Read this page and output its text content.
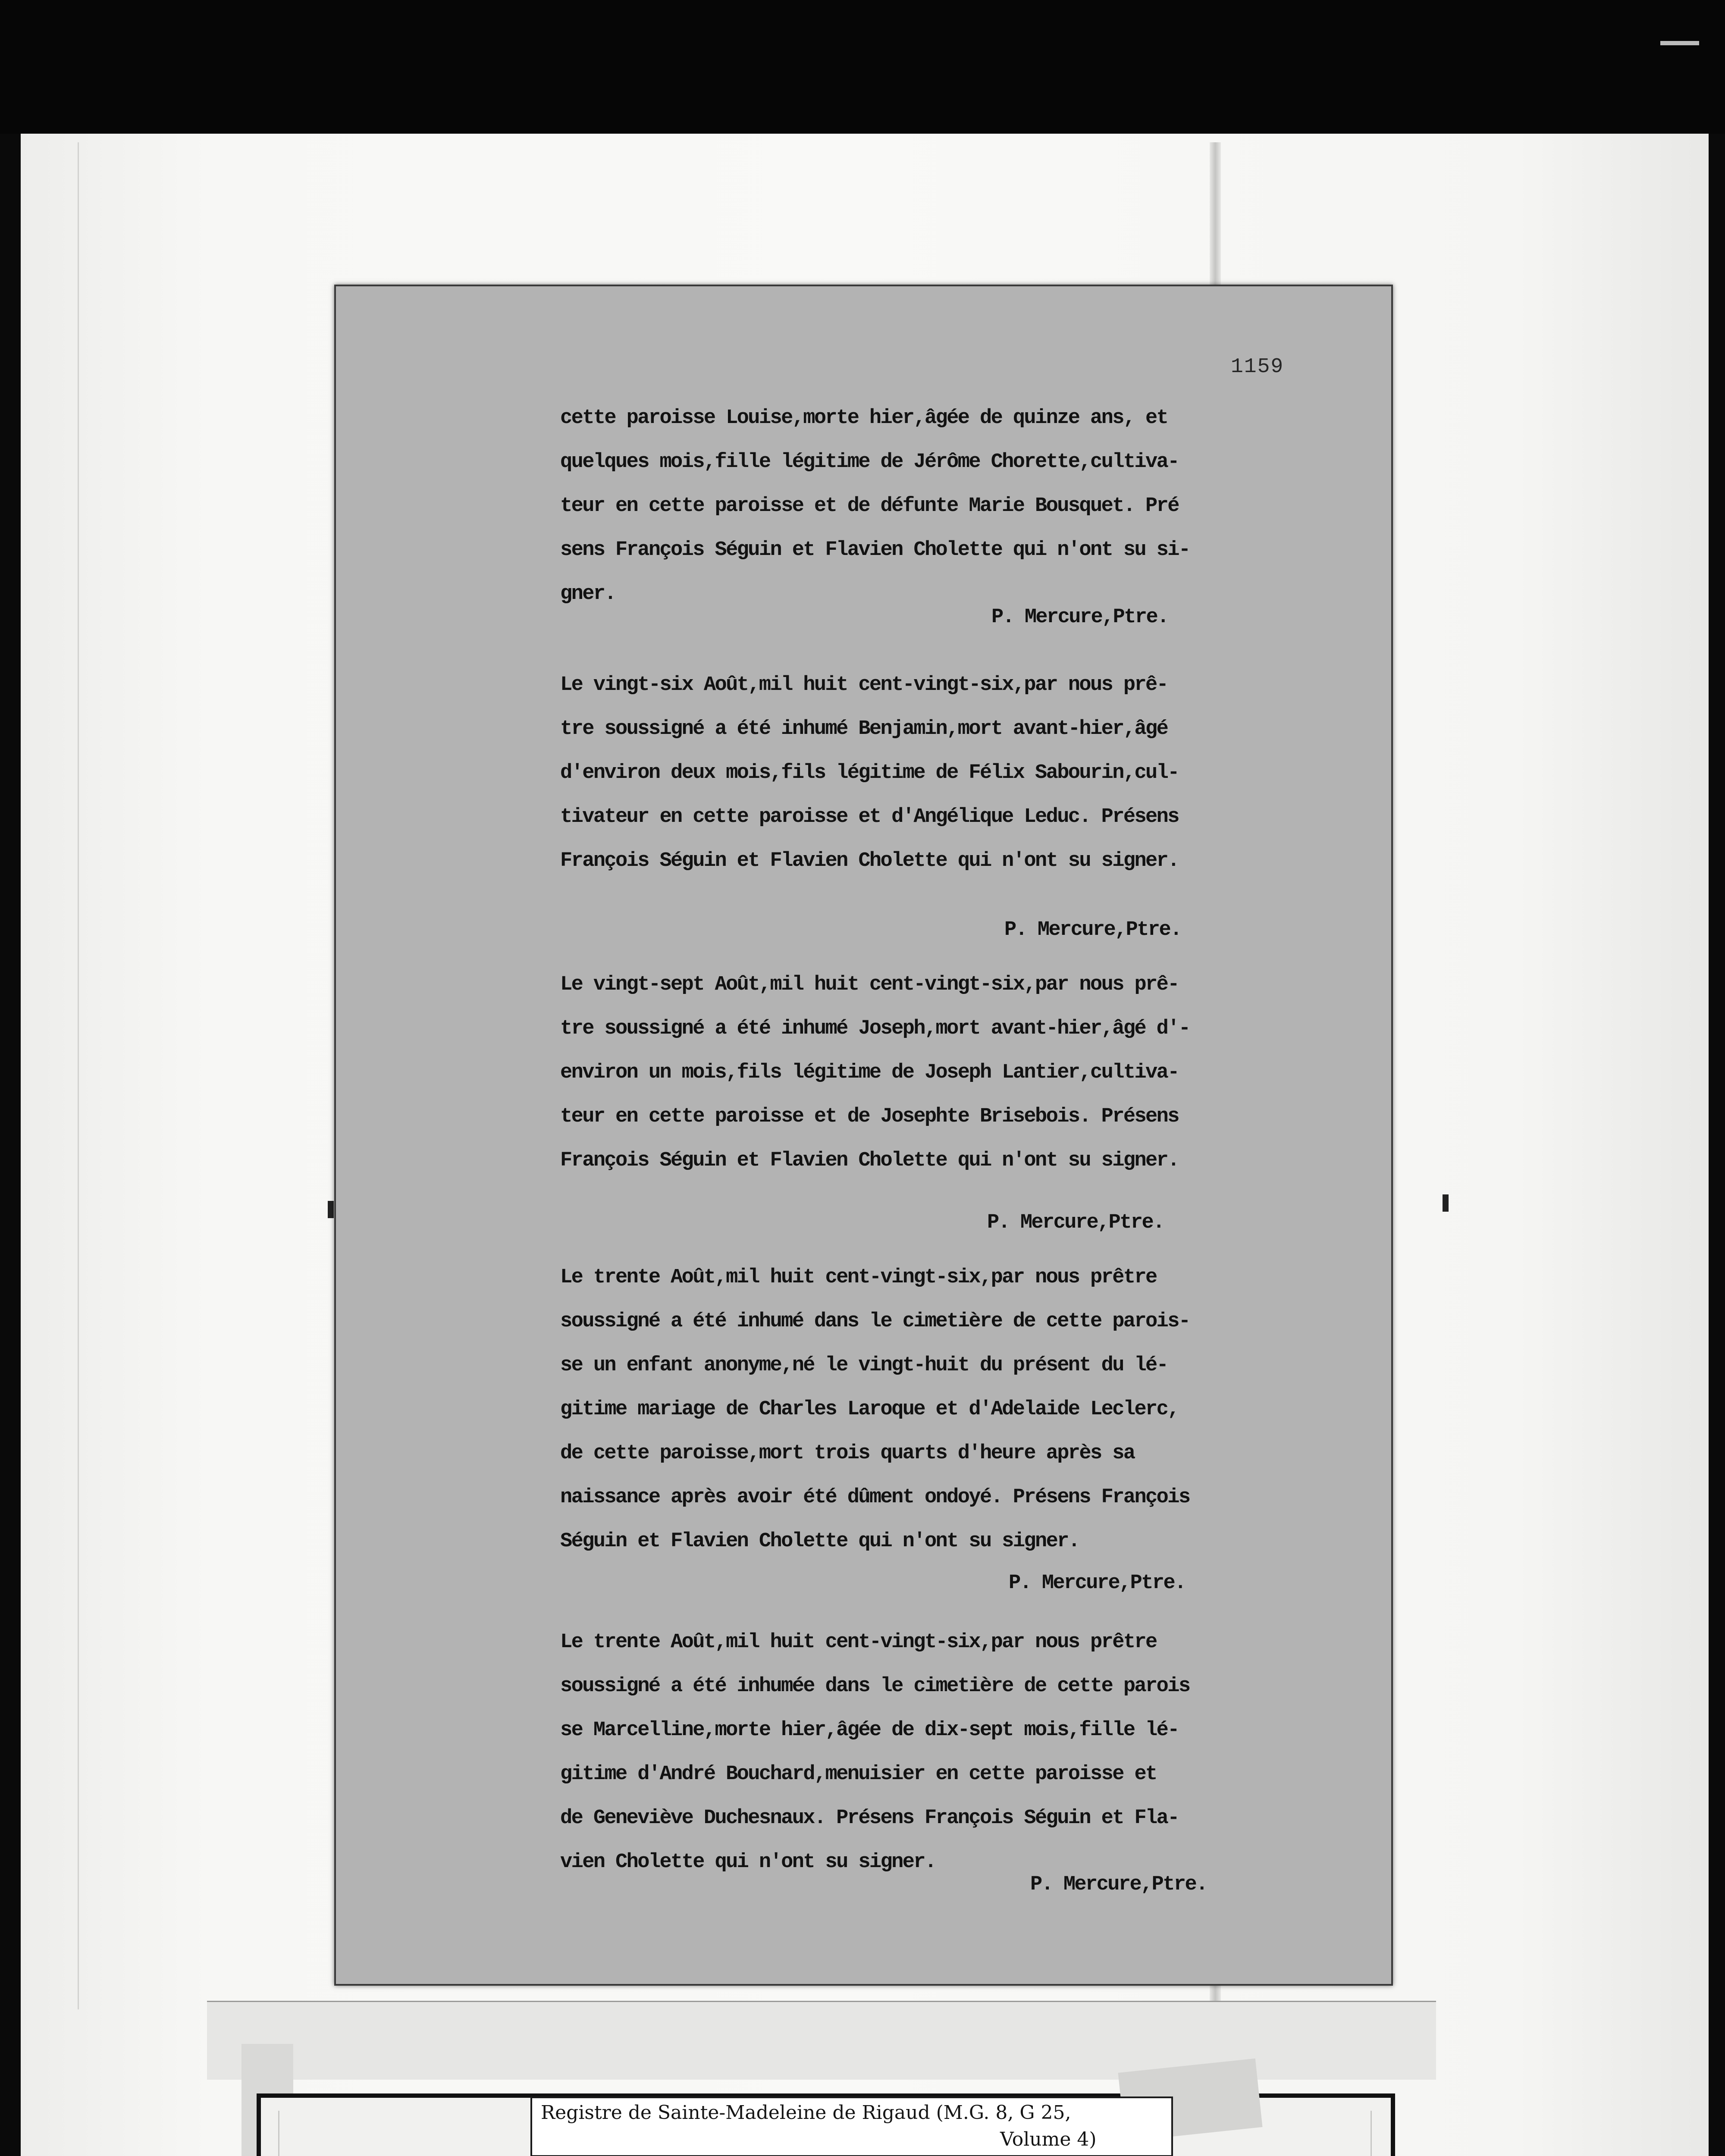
1159
cette paroisse Louise,morte hier,âgée de quinze ans, et
quelques mois,fille légitime de Jérôme Chorette,cultiva-
teur en cette paroisse et de défunte Marie Bousquet. Pré
sens François Séguin et Flavien Cholette qui n'ont su si-
gner.
P. Mercure,Ptre.
Le vingt-six Août,mil huit cent-vingt-six,par nous prê-
tre soussigné a été inhumé Benjamin,mort avant-hier,âgé
d'environ deux mois,fils légitime de Félix Sabourin,cul-
tivateur en cette paroisse et d'Angélique Leduc. Présens
François Séguin et Flavien Cholette qui n'ont su signer.
P. Mercure,Ptre.
Le vingt-sept Août,mil huit cent-vingt-six,par nous prê-
tre soussigné a été inhumé Joseph,mort avant-hier,âgé d'-
environ un mois,fils légitime de Joseph Lantier,cultiva-
teur en cette paroisse et de Josephte Brisebois. Présens
François Séguin et Flavien Cholette qui n'ont su signer.
P. Mercure,Ptre.
Le trente Août,mil huit cent-vingt-six,par nous prêtre
soussigné a été inhumé dans le cimetière de cette parois-
se un enfant anonyme,né le vingt-huit du présent du lé-
gitime mariage de Charles Laroque et d'Adelaide Leclerc,
de cette paroisse,mort trois quarts d'heure après sa
naissance après avoir été dûment ondoyé. Présens François
Séguin et Flavien Cholette qui n'ont su signer.
P. Mercure,Ptre.
Le trente Août,mil huit cent-vingt-six,par nous prêtre
soussigné a été inhumée dans le cimetière de cette parois
se Marcelline,morte hier,âgée de dix-sept mois,fille lé-
gitime d'André Bouchard,menuisier en cette paroisse et
de Geneviève Duchesnaux. Présens François Séguin et Fla-
vien Cholette qui n'ont su signer.
P. Mercure,Ptre.
Registre de Sainte-Madeleine de Rigaud (M.G. 8, G 25,
Volume 4)
